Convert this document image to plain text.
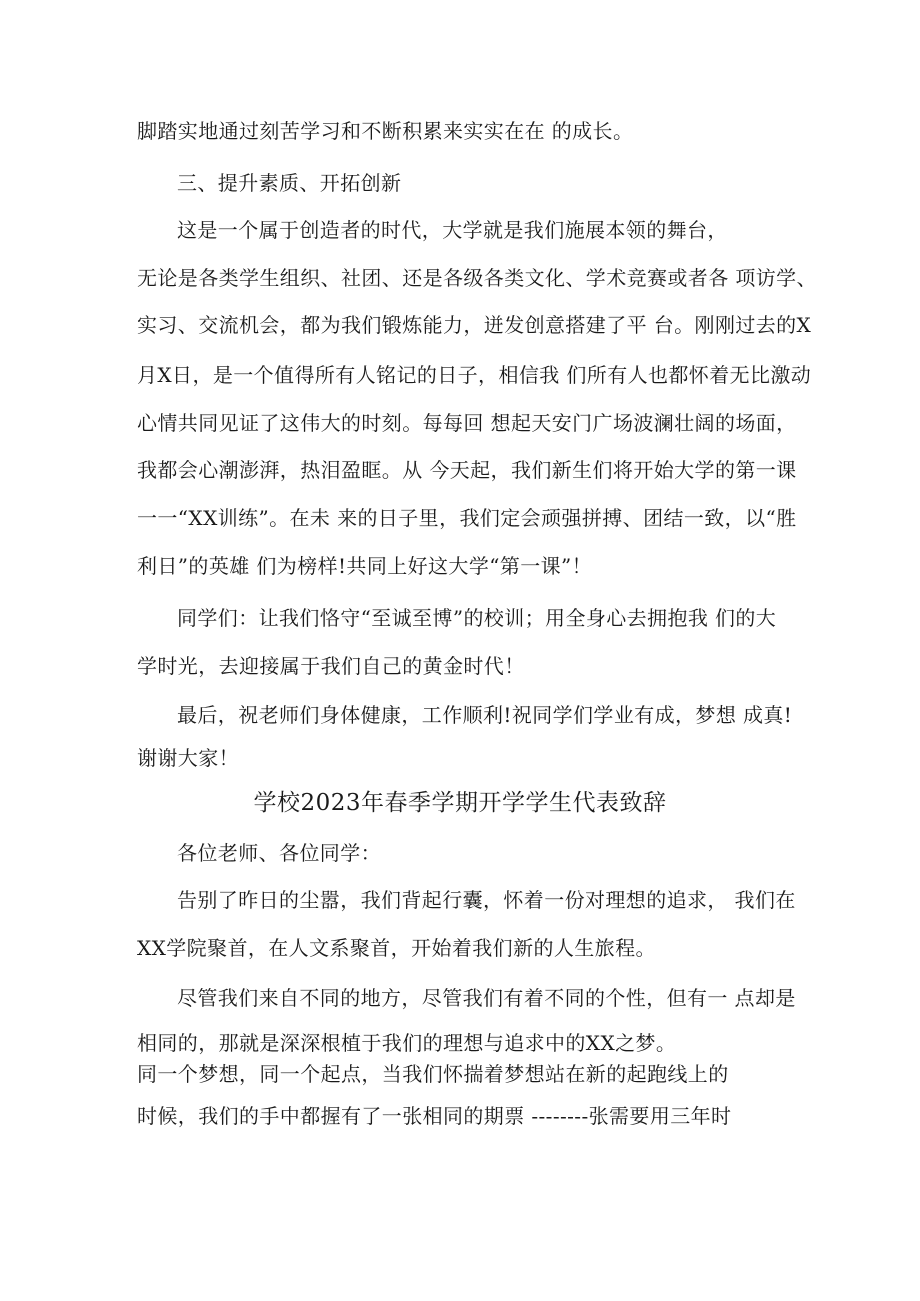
脚踏实地通过刻苦学习和不断积累来实实在在 的成长。
三、提升素质、开拓创新
这是一个属于创造者的时代，大学就是我们施展本领的舞台，
无论是各类学生组织、社团、还是各级各类文化、学术竞赛或者各 项访学、
实习、交流机会，都为我们锻炼能力，迸发创意搭建了平 台。刚刚过去的X
月X日，是一个值得所有人铭记的日子，相信我 们所有人也都怀着无比激动
心情共同见证了这伟大的时刻。每每回 想起天安门广场波澜壮阔的场面，
我都会心潮澎湃，热泪盈眶。从 今天起，我们新生们将开始大学的第一课
一一“XX训练”。在未 来的日子里，我们定会顽强拼搏、团结一致，以“胜
利日”的英雄 们为榜样!共同上好这大学“第一课”！
同学们：让我们恪守“至诚至博”的校训；用全身心去拥抱我 们的大
学时光，去迎接属于我们自己的黄金时代！
最后，祝老师们身体健康，工作顺利!祝同学们学业有成，梦想 成真!
谢谢大家！
学校2023年春季学期开学学生代表致辞
各位老师、各位同学：
告别了昨日的尘嚣，我们背起行囊，怀着一份对理想的追求， 我们在
XX学院聚首，在人文系聚首，开始着我们新的人生旅程。
尽管我们来自不同的地方，尽管我们有着不同的个性，但有一 点却是
相同的，那就是深深根植于我们的理想与追求中的XX之梦。
同一个梦想，同一个起点，当我们怀揣着梦想站在新的起跑线上的
时候，我们的手中都握有了一张相同的期票 --------张需要用三年时
